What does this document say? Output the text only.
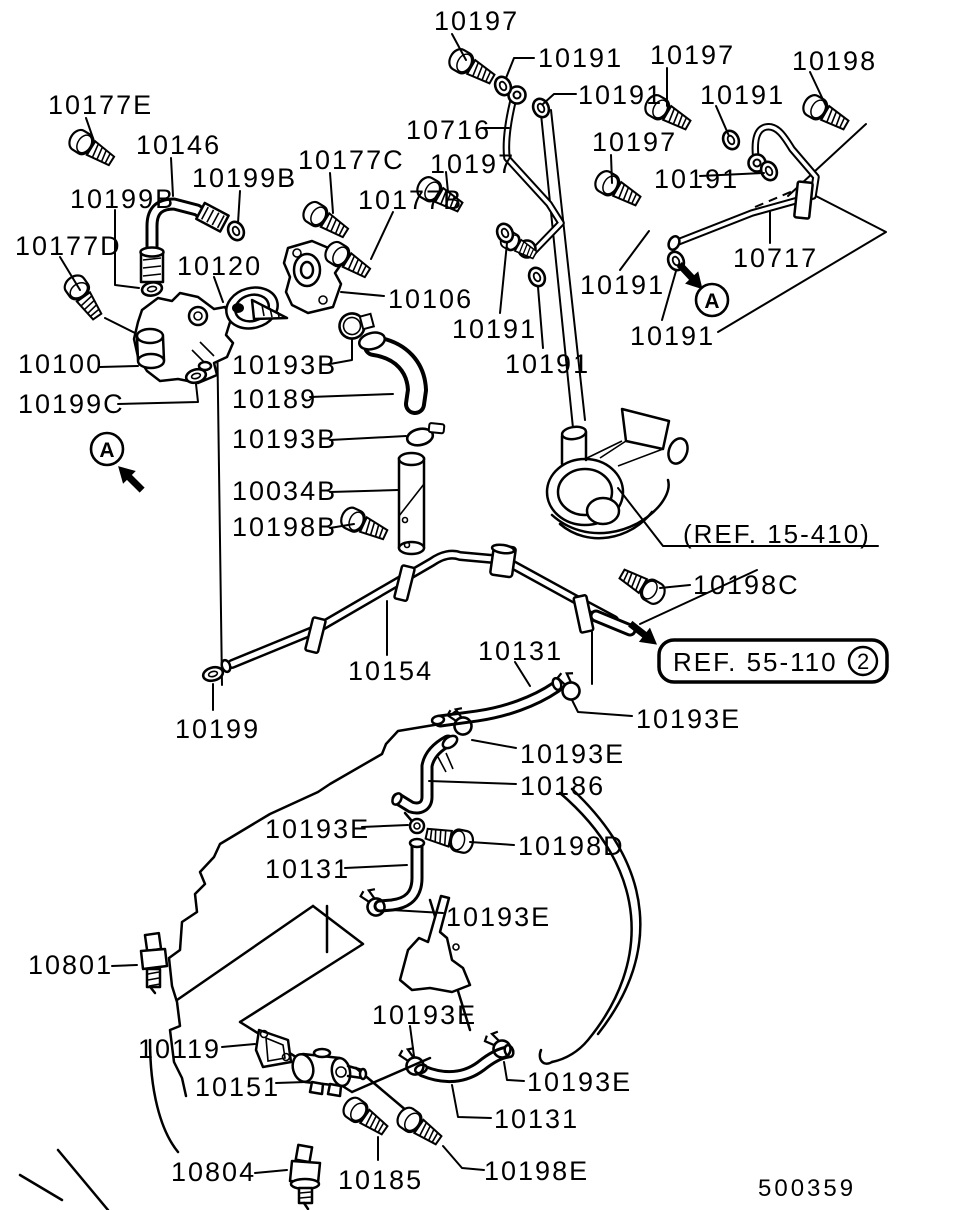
A
A
(REF. 15-410)
REF. 55-110 2
500359
10197
10191 10197 10198
10191 10191
10177E
10716	10197
10146	10177C 10197
10199B	10191
10199B	10177B
10177D
10120	10717
10106	10191
10191	10191
10100	10193B	10191
10199C	10189
10193B
10034B
10198B
10198C
10131
10154
10199	10193E
10193E
10186
10193E
10198D
10131
10193E
10801
10193E
10119
10151	10193E
10131
10804	10185 10198E
